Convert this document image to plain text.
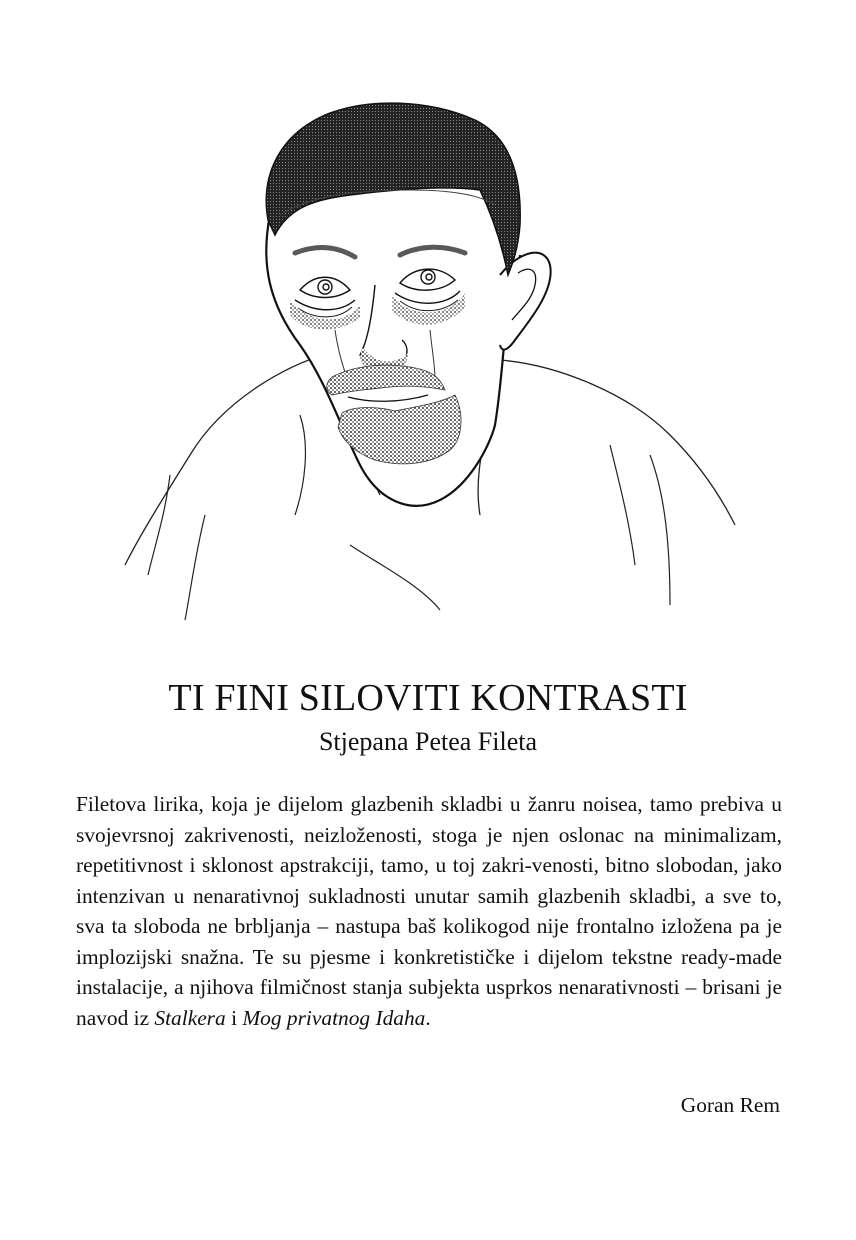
TI FINI SILOVITI KONTRASTI
Stjepana Petea Fileta

Filetova lirika, koja je dijelom glazbenih skladbi u žanru noisea, tamo prebiva u svojevrsnoj zakrivenosti, neizloženosti, stoga je njen oslonac na minimalizam, repetitivnost i sklonost apstrakciji, tamo, u toj zakri-venosti, bitno slobodan, jako intenzivan u nenarativnoj sukladnosti unutar samih glazbenih skladbi, a sve to, sva ta sloboda ne brbljanja – nastupa baš kolikogod nije frontalno izložena pa je implozijski snažna. Te su pjesme i konkretističke i dijelom tekstne ready-made instalacije, a njihova filmičnost stanja subjekta usprkos nenarativnosti – brisani je navod iz Stalkera i Mog privatnog Idaha.

Goran Rem
